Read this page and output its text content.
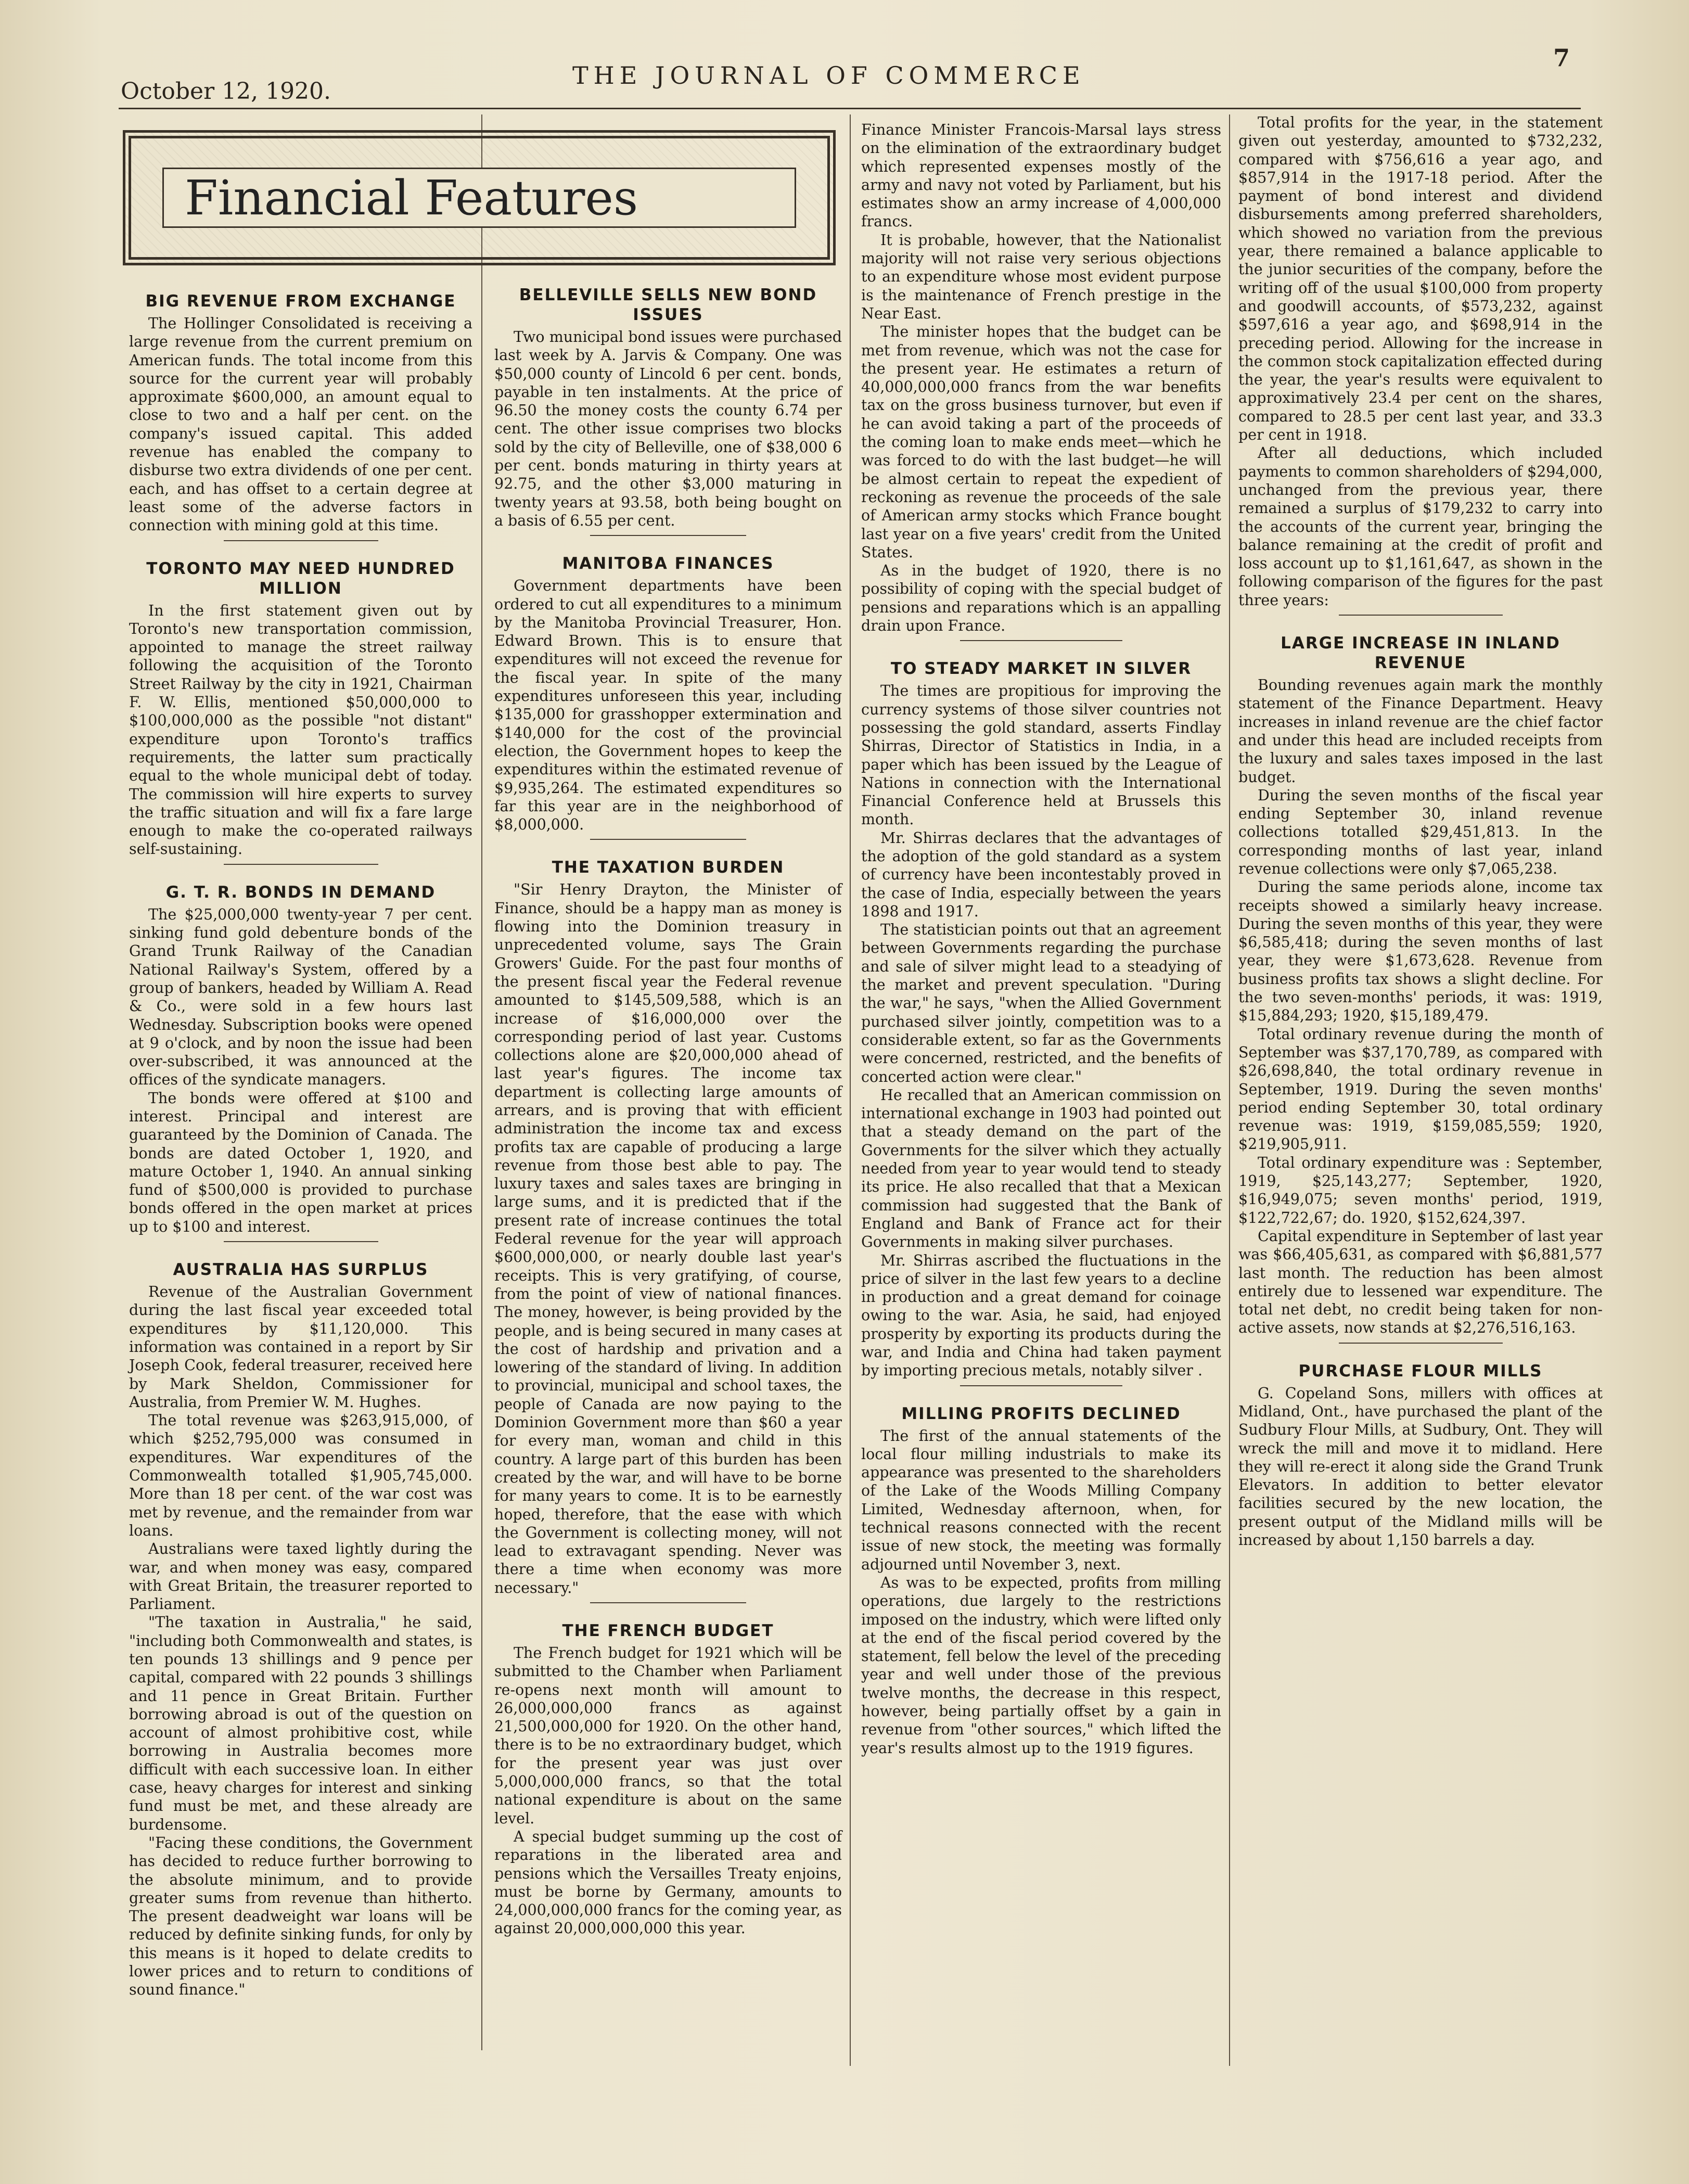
October 12, 1920.
THE JOURNAL OF COMMERCE
7
Financial Features
BIG REVENUE FROM EXCHANGE

The Hollinger Consolidated is receiving a large revenue from the current premium on American funds. The total income from this source for the current year will probably approximate $600,000, an amount equal to close to two and a half per cent. on the company's issued capital. This added revenue has enabled the company to disburse two extra dividends of one per cent. each, and has offset to a certain degree at least some of the adverse factors in connection with mining gold at this time.

TORONTO MAY NEED HUNDRED MILLION

In the first statement given out by Toronto's new transportation commission, appointed to manage the street railway following the acquisition of the Toronto Street Railway by the city in 1921, Chairman F. W. Ellis, mentioned $50,000,000 to $100,000,000 as the possible "not distant" expenditure upon Toronto's traffics requirements, the latter sum practically equal to the whole municipal debt of today. The commission will hire experts to survey the traffic situation and will fix a fare large enough to make the co-operated railways self-sustaining.

G. T. R. BONDS IN DEMAND

The $25,000,000 twenty-year 7 per cent. sinking fund gold debenture bonds of the Grand Trunk Railway of the Canadian National Railway's System, offered by a group of bankers, headed by William A. Read & Co., were sold in a few hours last Wednesday. Subscription books were opened at 9 o'clock, and by noon the issue had been over-subscribed, it was announced at the offices of the syndicate managers.

The bonds were offered at $100 and interest. Principal and interest are guaranteed by the Dominion of Canada. The bonds are dated October 1, 1920, and mature October 1, 1940. An annual sinking fund of $500,000 is provided to purchase bonds offered in the open market at prices up to $100 and interest.

AUSTRALIA HAS SURPLUS

Revenue of the Australian Government during the last fiscal year exceeded total expenditures by $11,120,000. This information was contained in a report by Sir Joseph Cook, federal treasurer, received here by Mark Sheldon, Commissioner for Australia, from Premier W. M. Hughes.

The total revenue was $263,915,000, of which $252,795,000 was consumed in expenditures. War expenditures of the Commonwealth totalled $1,905,745,000. More than 18 per cent. of the war cost was met by revenue, and the remainder from war loans.

Australians were taxed lightly during the war, and when money was easy, compared with Great Britain, the treasurer reported to Parliament.

"The taxation in Australia," he said, "including both Commonwealth and states, is ten pounds 13 shillings and 9 pence per capital, compared with 22 pounds 3 shillings and 11 pence in Great Britain. Further borrowing abroad is out of the question on account of almost prohibitive cost, while borrowing in Australia becomes more difficult with each successive loan. In either case, heavy charges for interest and sinking fund must be met, and these already are burdensome.

"Facing these conditions, the Government has decided to reduce further borrowing to the absolute minimum, and to provide greater sums from revenue than hitherto. The present deadweight war loans will be reduced by definite sinking funds, for only by this means is it hoped to delate credits to lower prices and to return to conditions of sound finance."

BELLEVILLE SELLS NEW BOND ISSUES

Two municipal bond issues were purchased last week by A. Jarvis & Company. One was $50,000 county of Lincold 6 per cent. bonds, payable in ten instalments. At the price of 96.50 the money costs the county 6.74 per cent. The other issue comprises two blocks sold by the city of Belleville, one of $38,000 6 per cent. bonds maturing in thirty years at 92.75, and the other $3,000 maturing in twenty years at 93.58, both being bought on a basis of 6.55 per cent.

MANITOBA FINANCES

Government departments have been ordered to cut all expenditures to a minimum by the Manitoba Provincial Treasurer, Hon. Edward Brown. This is to ensure that expenditures will not exceed the revenue for the fiscal year. In spite of the many expenditures unforeseen this year, including $135,000 for grasshopper extermination and $140,000 for the cost of the provincial election, the Government hopes to keep the expenditures within the estimated revenue of $9,935,264. The estimated expenditures so far this year are in the neighborhood of $8,000,000.

THE TAXATION BURDEN

"Sir Henry Drayton, the Minister of Finance, should be a happy man as money is flowing into the Dominion treasury in unprecedented volume, says The Grain Growers' Guide. For the past four months of the present fiscal year the Federal revenue amounted to $145,509,588, which is an increase of $16,000,000 over the corresponding period of last year. Customs collections alone are $20,000,000 ahead of last year's figures. The income tax department is collecting large amounts of arrears, and is proving that with efficient administration the income tax and excess profits tax are capable of producing a large revenue from those best able to pay. The luxury taxes and sales taxes are bringing in large sums, and it is predicted that if the present rate of increase continues the total Federal revenue for the year will approach $600,000,000, or nearly double last year's receipts. This is very gratifying, of course, from the point of view of national finances. The money, however, is being provided by the people, and is being secured in many cases at the cost of hardship and privation and a lowering of the standard of living. In addition to provincial, municipal and school taxes, the people of Canada are now paying to the Dominion Government more than $60 a year for every man, woman and child in this country. A large part of this burden has been created by the war, and will have to be borne for many years to come. It is to be earnestly hoped, therefore, that the ease with which the Government is collecting money, will not lead to extravagant spending. Never was there a time when economy was more necessary."

THE FRENCH BUDGET

The French budget for 1921 which will be submitted to the Chamber when Parliament re-opens next month will amount to 26,000,000,000 francs as against 21,500,000,000 for 1920. On the other hand, there is to be no extraordinary budget, which for the present year was just over 5,000,000,000 francs, so that the total national expenditure is about on the same level.

A special budget summing up the cost of reparations in the liberated area and pensions which the Versailles Treaty enjoins, must be borne by Germany, amounts to 24,000,000,000 francs for the coming year, as against 20,000,000,000 this year.

Finance Minister Francois-Marsal lays stress on the elimination of the extraordinary budget which represented expenses mostly of the army and navy not voted by Parliament, but his estimates show an army increase of 4,000,000 francs.

It is probable, however, that the Nationalist majority will not raise very serious objections to an expenditure whose most evident purpose is the maintenance of French prestige in the Near East.

The minister hopes that the budget can be met from revenue, which was not the case for the present year. He estimates a return of 40,000,000,000 francs from the war benefits tax on the gross business turnover, but even if he can avoid taking a part of the proceeds of the coming loan to make ends meet—which he was forced to do with the last budget—he will be almost certain to repeat the expedient of reckoning as revenue the proceeds of the sale of American army stocks which France bought last year on a five years' credit from the United States.

As in the budget of 1920, there is no possibility of coping with the special budget of pensions and reparations which is an appalling drain upon France.

TO STEADY MARKET IN SILVER

The times are propitious for improving the currency systems of those silver countries not possessing the gold standard, asserts Findlay Shirras, Director of Statistics in India, in a paper which has been issued by the League of Nations in connection with the International Financial Conference held at Brussels this month.

Mr. Shirras declares that the advantages of the adoption of the gold standard as a system of currency have been incontestably proved in the case of India, especially between the years 1898 and 1917.

The statistician points out that an agreement between Governments regarding the purchase and sale of silver might lead to a steadying of the market and prevent speculation. "During the war," he says, "when the Allied Government purchased silver jointly, competition was to a considerable extent, so far as the Governments were concerned, restricted, and the benefits of concerted action were clear."

He recalled that an American commission on international exchange in 1903 had pointed out that a steady demand on the part of the Governments for the silver which they actually needed from year to year would tend to steady its price. He also recalled that that a Mexican commission had suggested that the Bank of England and Bank of France act for their Governments in making silver purchases.

Mr. Shirras ascribed the fluctuations in the price of silver in the last few years to a decline in production and a great demand for coinage owing to the war. Asia, he said, had enjoyed prosperity by exporting its products during the war, and India and China had taken payment by importing precious metals, notably silver .

MILLING PROFITS DECLINED

The first of the annual statements of the local flour milling industrials to make its appearance was presented to the shareholders of the Lake of the Woods Milling Company Limited, Wednesday afternoon, when, for technical reasons connected with the recent issue of new stock, the meeting was formally adjourned until November 3, next.

As was to be expected, profits from milling operations, due largely to the restrictions imposed on the industry, which were lifted only at the end of the fiscal period covered by the statement, fell below the level of the preceding year and well under those of the previous twelve months, the decrease in this respect, however, being partially offset by a gain in revenue from "other sources," which lifted the year's results almost up to the 1919 figures.

Total profits for the year, in the statement given out yesterday, amounted to $732,232, compared with $756,616 a year ago, and $857,914 in the 1917-18 period. After the payment of bond interest and dividend disbursements among preferred shareholders, which showed no variation from the previous year, there remained a balance applicable to the junior securities of the company, before the writing off of the usual $100,000 from property and goodwill accounts, of $573,232, against $597,616 a year ago, and $698,914 in the preceding period. Allowing for the increase in the common stock capitalization effected during the year, the year's results were equivalent to approximatively 23.4 per cent on the shares, compared to 28.5 per cent last year, and 33.3 per cent in 1918.

After all deductions, which included payments to common shareholders of $294,000, unchanged from the previous year, there remained a surplus of $179,232 to carry into the accounts of the current year, bringing the balance remaining at the credit of profit and loss account up to $1,161,647, as shown in the following comparison of the figures for the past three years:

LARGE INCREASE IN INLAND REVENUE

Bounding revenues again mark the monthly statement of the Finance Department. Heavy increases in inland revenue are the chief factor and under this head are included receipts from the luxury and sales taxes imposed in the last budget.

During the seven months of the fiscal year ending September 30, inland revenue collections totalled $29,451,813. In the corresponding months of last year, inland revenue collections were only $7,065,238.

During the same periods alone, income tax receipts showed a similarly heavy increase. During the seven months of this year, they were $6,585,418; during the seven months of last year, they were $1,673,628. Revenue from business profits tax shows a slight decline. For the two seven-months' periods, it was: 1919, $15,884,293; 1920, $15,189,479.

Total ordinary revenue during the month of September was $37,170,789, as compared with $26,698,840, the total ordinary revenue in September, 1919. During the seven months' period ending September 30, total ordinary revenue was: 1919, $159,085,559; 1920, $219,905,911.

Total ordinary expenditure was : September, 1919, $25,143,277; September, 1920, $16,949,075; seven months' period, 1919, $122,722,67; do. 1920, $152,624,397.

Capital expenditure in September of last year was $66,405,631, as compared with $6,881,577 last month. The reduction has been almost entirely due to lessened war expenditure. The total net debt, no credit being taken for non-active assets, now stands at $2,276,516,163.

PURCHASE FLOUR MILLS

G. Copeland Sons, millers with offices at Midland, Ont., have purchased the plant of the Sudbury Flour Mills, at Sudbury, Ont. They will wreck the mill and move it to midland. Here they will re-erect it along side the Grand Trunk Elevators. In addition to better elevator facilities secured by the new location, the present output of the Midland mills will be increased by about 1,150 barrels a day.
